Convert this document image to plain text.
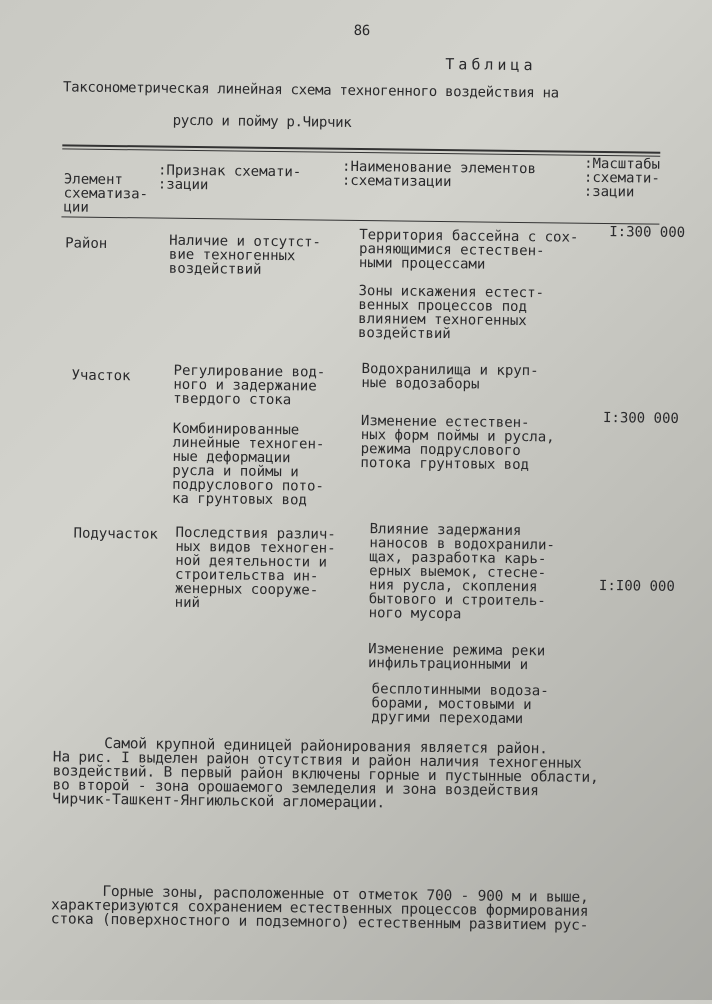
86
Таблица
Таксонометрическая линейная схема техногенного воздействия на
русло и пойму р.Чирчик
Элемент
схематиза-
ции
:Признак схемати-
:зации
:Наименование элементов
:схематизации
:Масштабы
:схемати-
:зации
Район	Наличие и отсутст-
вие техногенных
воздействий
Территория бассейна с сох-
раняющимися естествен-
ными процессами
Зоны искажения естест-
венных процессов под
влиянием техногенных
воздействий
I:300 000
Участок	Регулирование вод-
ного и задержание
твердого стока
Комбинированные
линейные техноген-
ные деформации
русла и поймы и
подруслового пото-
ка грунтовых вод
Водохранилища и круп-
ные водозаборы
Изменение естествен-
ных форм поймы и русла,
режима подруслового
потока грунтовых вод
I:300 000
Подучасток Последствия различ-
ных видов техноген-
ной деятельности и
строительства ин-
женерных сооруже-
ний
Влияние задержания
наносов в водохранили-
щах, разработка карь-
ерных выемок, стесне-
ния русла, скопления
бытового и строитель-
ного мусора
Изменение режима реки
инфильтрационными и
бесплотинными водоза-
борами, мостовыми и
другими переходами
I:I00 000
Самой крупной единицей районирования является район.
На рис. I выделен район отсутствия и район наличия техногенных
воздействий. В первый район включены горные и пустынные области,
во второй - зона орошаемого земледелия и зона воздействия
Чирчик-Ташкент-Янгиюльской агломерации.
Горные зоны, расположенные от отметок 700 - 900 м и выше,
характеризуются сохранением естественных процессов формирования
стока (поверхностного и подземного) естественным развитием рус-
